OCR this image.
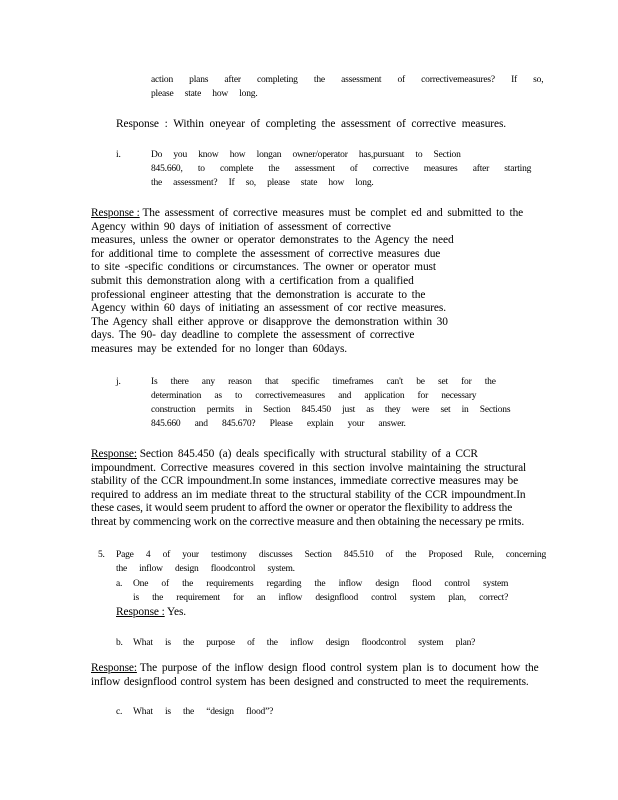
action plans after completing the assessment of correctivemeasures? If so,
please state how long.
Response : Within oneyear of completing the assessment of corrective measures.
i.	Do you know how longan owner/operator has,pursuant to Section
845.660, to complete the assessment of corrective measures after starting
the assessment? If so, please state how long.
Response : The assessment of corrective measures must be complet ed and submitted to the
Agency within 90 days of initiation of assessment of corrective
measures, unless the owner or operator demonstrates to the Agency the need
for additional time to complete the assessment of corrective measures due
to site -specific conditions or circumstances. The owner or operator must
submit this demonstration along with a certification from a qualified
professional engineer attesting that the demonstration is accurate to the
Agency within 60 days of initiating an assessment of cor rective measures.
The Agency shall either approve or disapprove the demonstration within 30
days. The 90- day deadline to complete the assessment of corrective
measures may be extended for no longer than 60days.
j.	Is there any reason that specific timeframes can't be set for the
determination as to correctivemeasures and application for necessary
construction permits in Section 845.450 just as they were set in Sections
845.660 and 845.670? Please explain your answer.
Response: Section 845.450 (a) deals specifically with structural stability of a CCR
impoundment. Corrective measures covered in this section involve maintaining the structural
stability of the CCR impoundment.In some instances, immediate corrective measures may be
required to address an im mediate threat to the structural stability of the CCR impoundment.In
these cases, it would seem prudent to afford the owner or operator the flexibility to address the
threat by commencing work on the corrective measure and then obtaining the necessary pe rmits.
5. Page 4 of your testimony discusses Section 845.510 of the Proposed Rule, concerning
the inflow design floodcontrol system.
a. One of the requirements regarding the inflow design flood control system
is the requirement for an inflow designflood control system plan, correct?
Response : Yes.
b. What is the purpose of the inflow design floodcontrol system plan?
Response: The purpose of the inflow design flood control system plan is to document how the
inflow designflood control system has been designed and constructed to meet the requirements.
c. What is the “design flood”?
